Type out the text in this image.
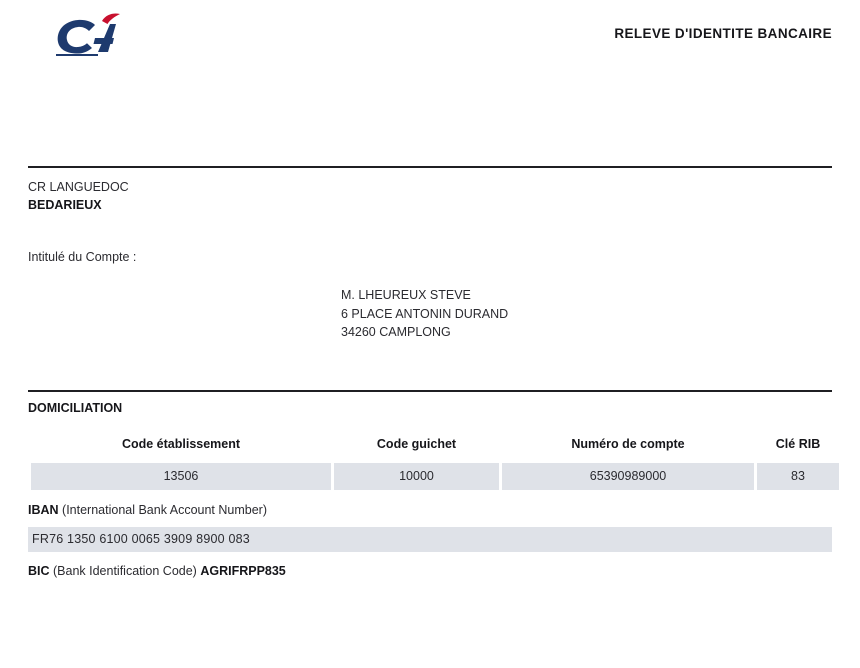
RELEVE D'IDENTITE BANCAIRE
CR LANGUEDOC
BEDARIEUX
Intitulé du Compte :
M. LHEUREUX STEVE
6 PLACE ANTONIN DURAND
34260 CAMPLONG
DOMICILIATION
Code établissement	Code guichet	Numéro de compte	Clé RIB
13506	10000	65390989000	83
IBAN (International Bank Account Number)
FR76 1350 6100 0065 3909 8900 083
BIC (Bank Identification Code) AGRIFRPP835
